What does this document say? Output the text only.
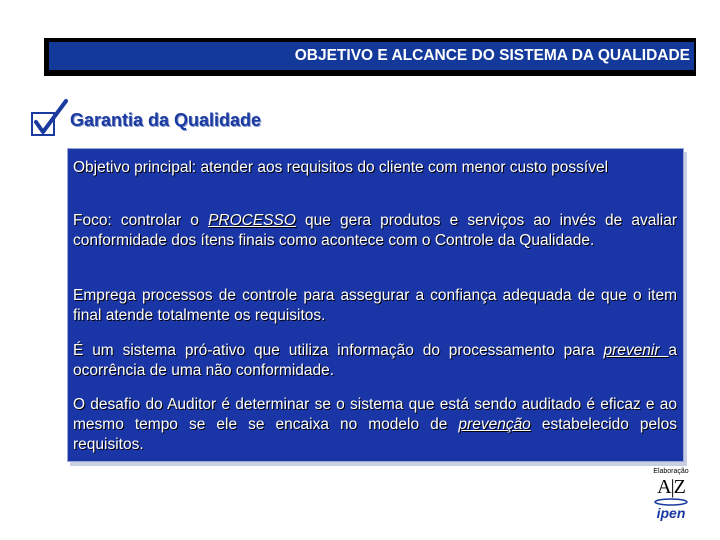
OBJETIVO E ALCANCE DO SISTEMA DA QUALIDADE
Garantia da Qualidade
Objetivo principal: atender aos requisitos do cliente com menor custo possível
Foco: controlar o PROCESSO que gera produtos e serviços ao invés de avaliar conformidade dos ítens finais como acontece com o Controle da Qualidade.
Emprega processos de controle para assegurar a confiança adequada de que o item final atende totalmente os requisitos.
É um sistema pró-ativo que utiliza informação do processamento para prevenir a ocorrência de uma não conformidade.
O desafio do Auditor é determinar se o sistema que está sendo auditado é eficaz e ao mesmo tempo se ele se encaixa no modelo de prevenção estabelecido pelos requisitos.
Elaboração
A|Z
ipen
